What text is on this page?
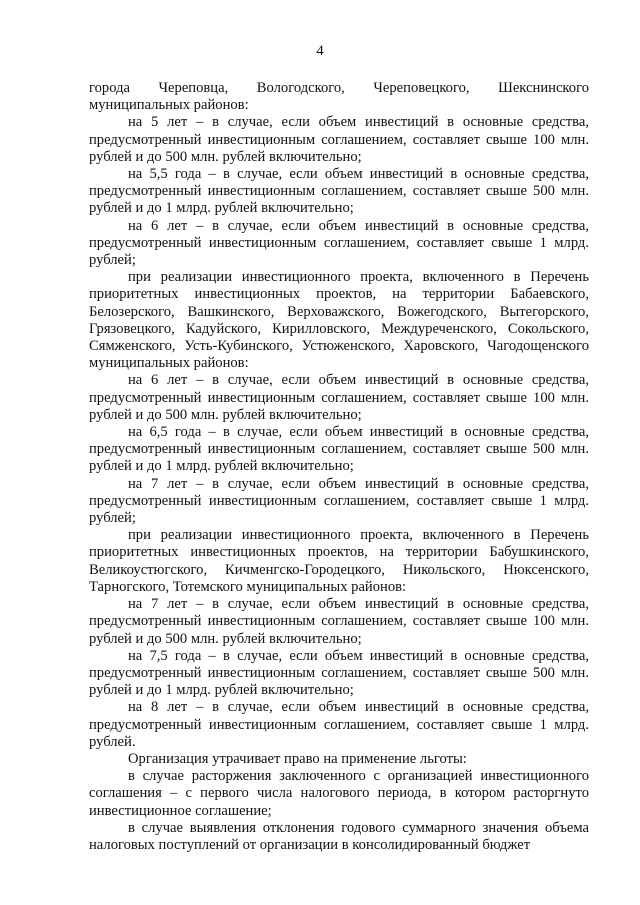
4

города Череповца, Вологодского, Череповецкого, Шекснинского муниципальных районов:

на 5 лет – в случае, если объем инвестиций в основные средства, предусмотренный инвестиционным соглашением, составляет свыше 100 млн. рублей и до 500 млн. рублей включительно;

на 5,5 года – в случае, если объем инвестиций в основные средства, предусмотренный инвестиционным соглашением, составляет свыше 500 млн. рублей и до 1 млрд. рублей включительно;

на 6 лет – в случае, если объем инвестиций в основные средства, предусмотренный инвестиционным соглашением, составляет свыше 1 млрд. рублей;

при реализации инвестиционного проекта, включенного в Перечень приоритетных инвестиционных проектов, на территории Бабаевского, Белозерского, Вашкинского, Верховажского, Вожегодского, Вытегорского, Грязовецкого, Кадуйского, Кирилловского, Междуреченского, Сокольского, Сямженского, Усть-Кубинского, Устюженского, Харовского, Чагодощенского муниципальных районов:

на 6 лет – в случае, если объем инвестиций в основные средства, предусмотренный инвестиционным соглашением, составляет свыше 100 млн. рублей и до 500 млн. рублей включительно;

на 6,5 года – в случае, если объем инвестиций в основные средства, предусмотренный инвестиционным соглашением, составляет свыше 500 млн. рублей и до 1 млрд. рублей включительно;

на 7 лет – в случае, если объем инвестиций в основные средства, предусмотренный инвестиционным соглашением, составляет свыше 1 млрд. рублей;

при реализации инвестиционного проекта, включенного в Перечень приоритетных инвестиционных проектов, на территории Бабушкинского, Великоустюгского, Кичменгско-Городецкого, Никольского, Нюксенского, Тарногского, Тотемского муниципальных районов:

на 7 лет – в случае, если объем инвестиций в основные средства, предусмотренный инвестиционным соглашением, составляет свыше 100 млн. рублей и до 500 млн. рублей включительно;

на 7,5 года – в случае, если объем инвестиций в основные средства, предусмотренный инвестиционным соглашением, составляет свыше 500 млн. рублей и до 1 млрд. рублей включительно;

на 8 лет – в случае, если объем инвестиций в основные средства, предусмотренный инвестиционным соглашением, составляет свыше 1 млрд. рублей.

Организация утрачивает право на применение льготы:

в случае расторжения заключенного с организацией инвестиционного соглашения – с первого числа налогового периода, в котором расторгнуто инвестиционное соглашение;

в случае выявления отклонения годового суммарного значения объема налоговых поступлений от организации в консолидированный бюджет
